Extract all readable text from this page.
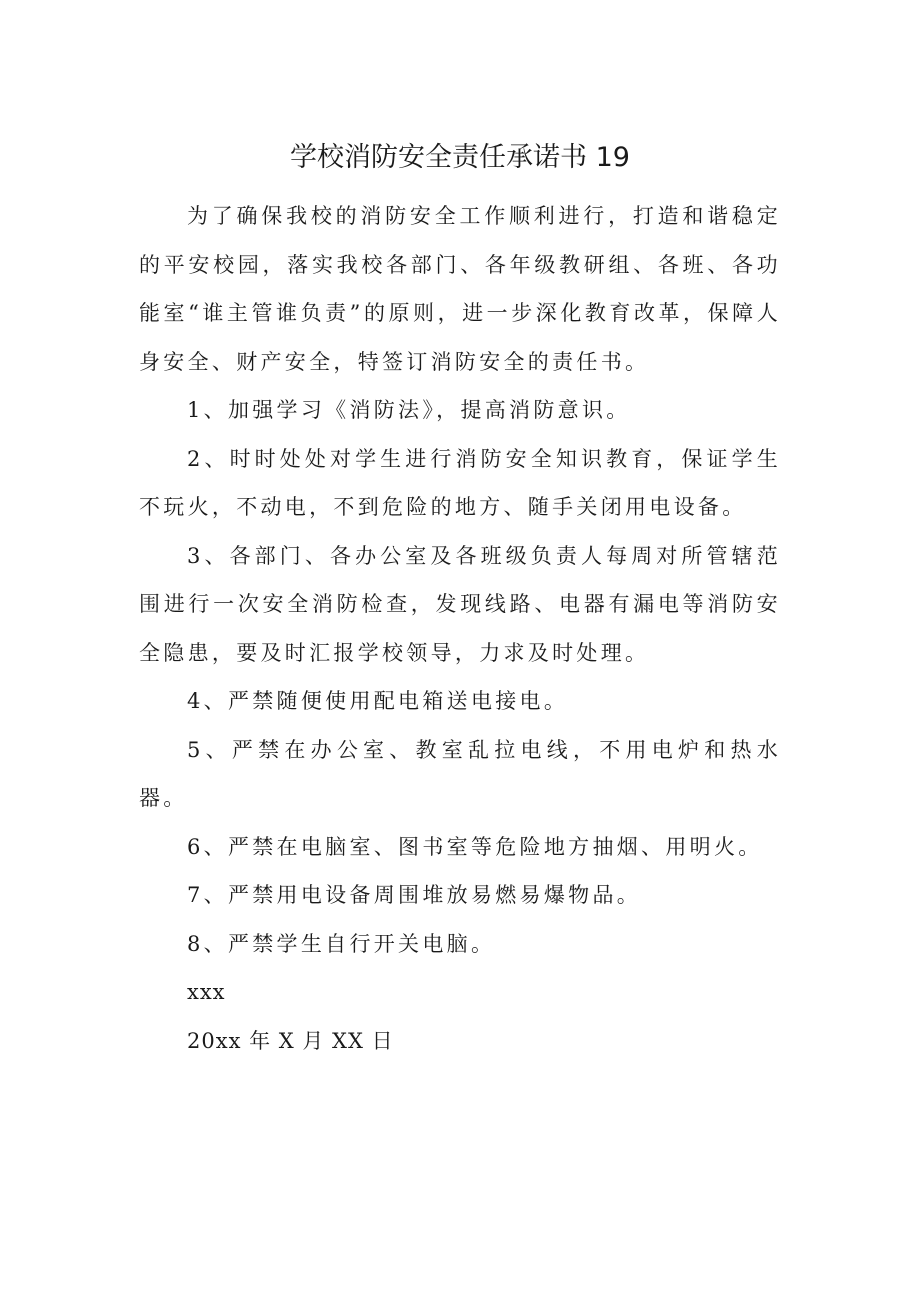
学校消防安全责任承诺书 19

为了确保我校的消防安全工作顺利进行，打造和谐稳定的平安校园，落实我校各部门、各年级教研组、各班、各功能室“谁主管谁负责”的原则，进一步深化教育改革，保障人身安全、财产安全，特签订消防安全的责任书。

1、加强学习《消防法》，提高消防意识。

2、时时处处对学生进行消防安全知识教育，保证学生不玩火，不动电，不到危险的地方、随手关闭用电设备。

3、各部门、各办公室及各班级负责人每周对所管辖范围进行一次安全消防检查，发现线路、电器有漏电等消防安全隐患，要及时汇报学校领导，力求及时处理。

4、严禁随便使用配电箱送电接电。

5、严禁在办公室、教室乱拉电线，不用电炉和热水器。

6、严禁在电脑室、图书室等危险地方抽烟、用明火。

7、严禁用电设备周围堆放易燃易爆物品。

8、严禁学生自行开关电脑。

xxx

20xx 年 X 月 XX 日
